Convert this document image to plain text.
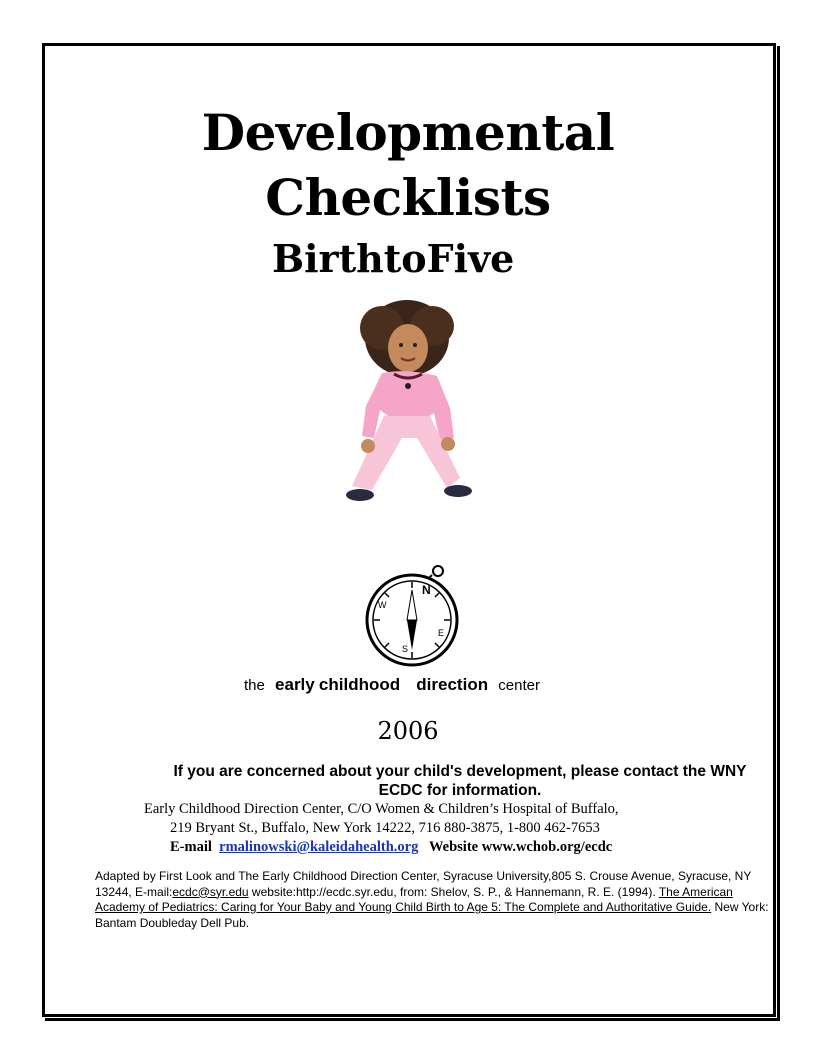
Developmental
Checklists
BirthtoFive
N
E
S
W
the early childhood direction center
2006
If you are concerned about your child's development, please contact the WNY ECDC for information.
Early Childhood Direction Center, C/O Women & Children’s Hospital of Buffalo,
219 Bryant St., Buffalo, New York 14222, 716 880-3875, 1-800 462-7653
E-mail rmalinowski@kaleidahealth.org Website www.wchob.org/ecdc
Adapted by First Look and The Early Childhood Direction Center, Syracuse University,805 S. Crouse Avenue, Syracuse, NY 13244, E-mail:ecdc@syr.edu website:http://ecdc.syr.edu, from: Shelov, S. P., & Hannemann, R. E. (1994). The American Academy of Pediatrics: Caring for Your Baby and Young Child Birth to Age 5: The Complete and Authoritative Guide. New York: Bantam Doubleday Dell Pub.
